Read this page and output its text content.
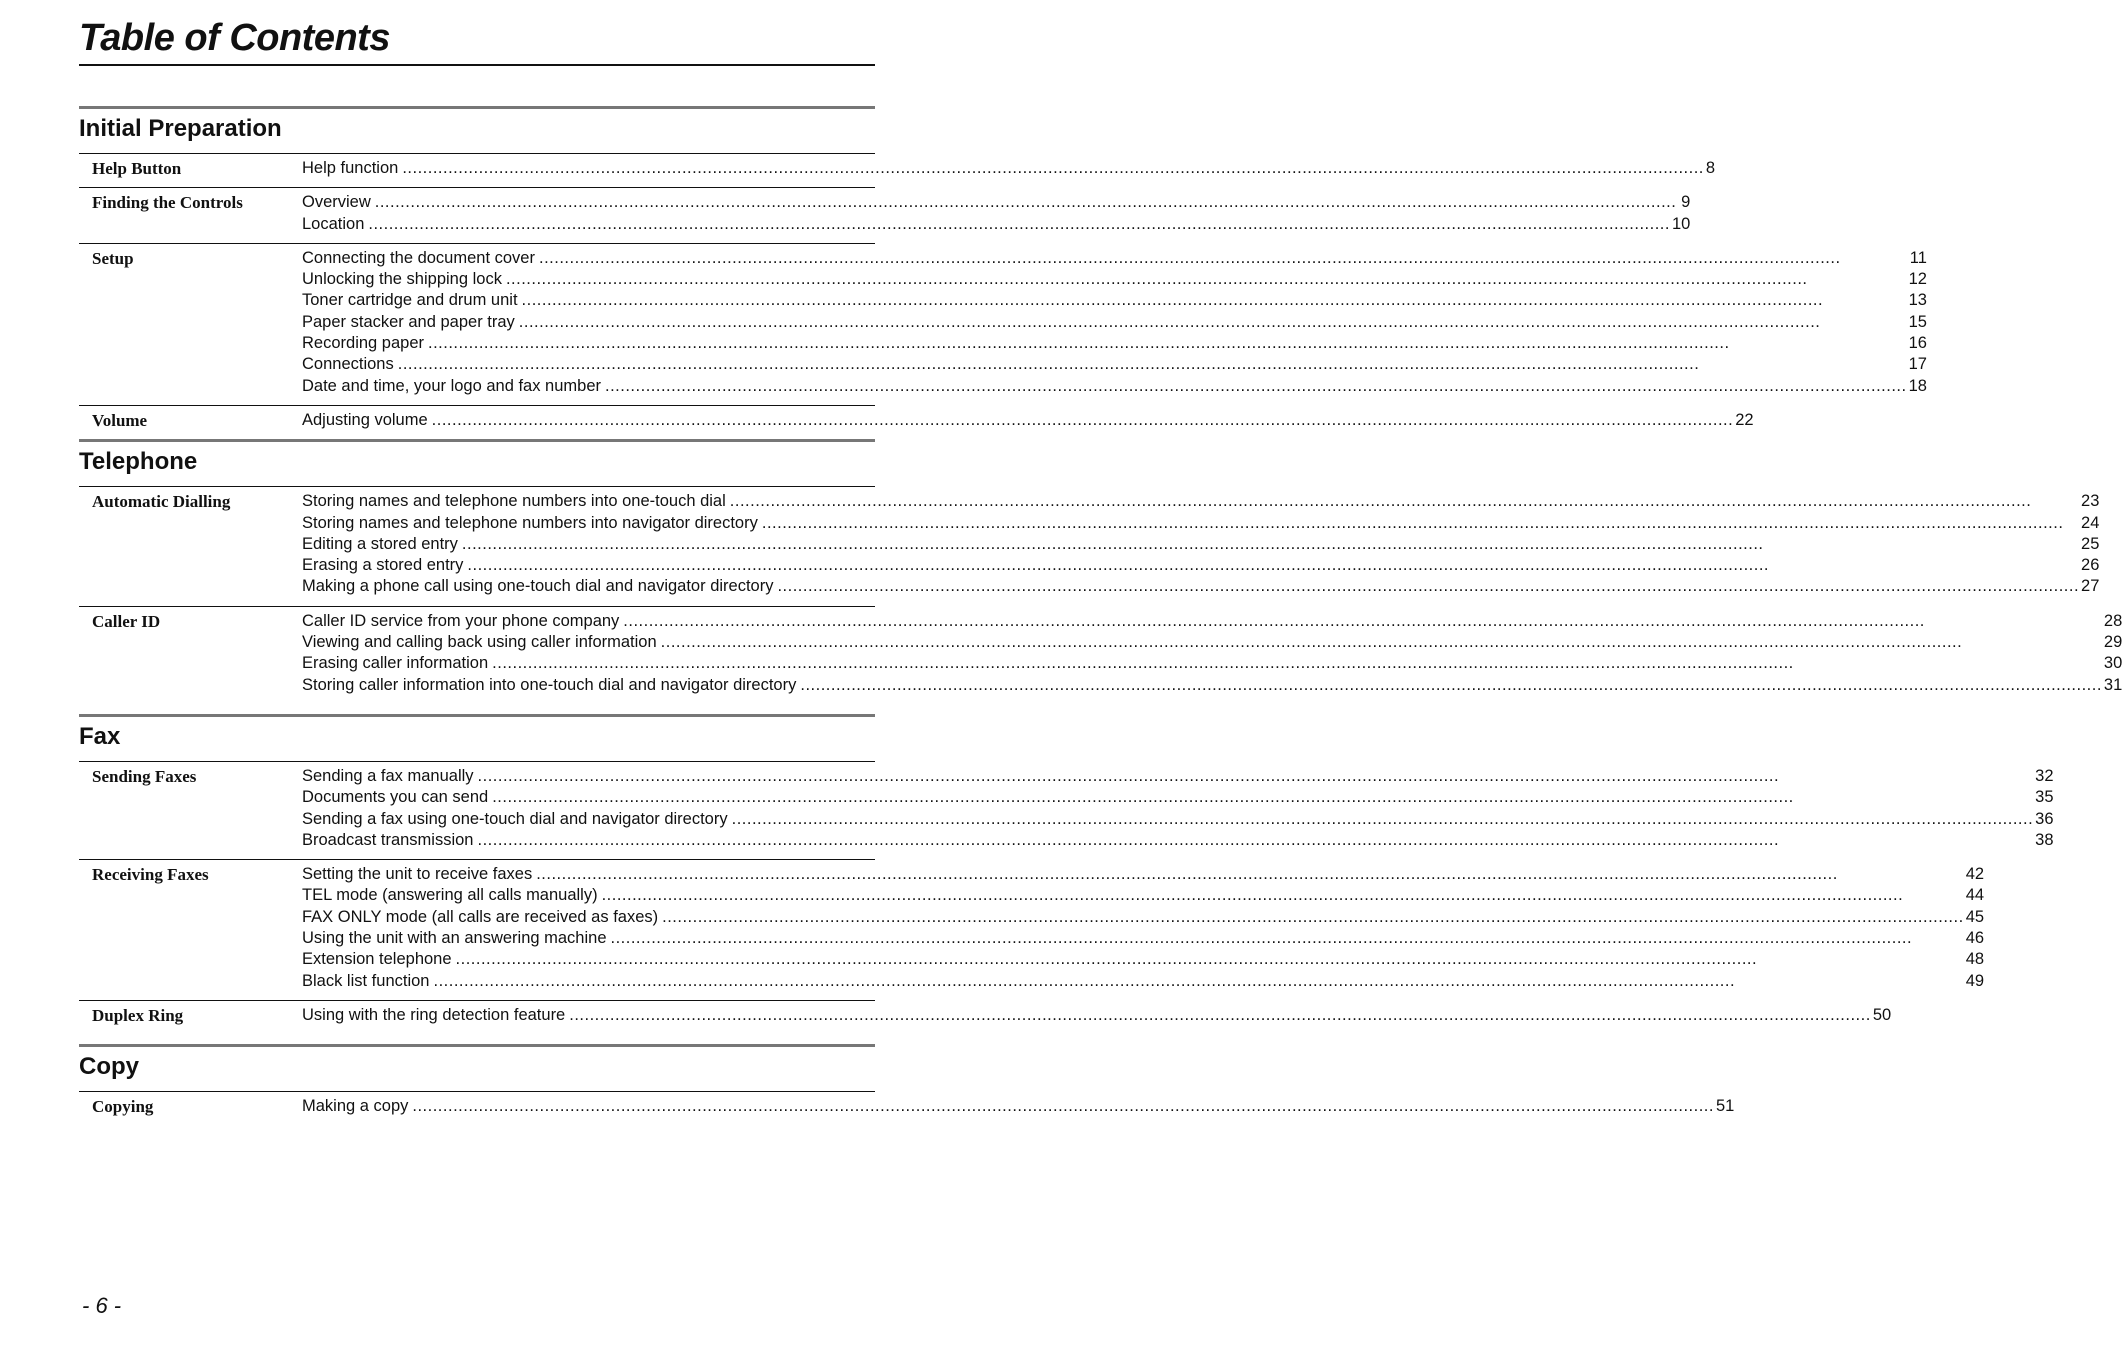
Table of Contents
Initial Preparation
Help Button	Help function .....	8
Finding the Controls	Overview .....	9
Location .....	10
Setup	Connecting the document cover .....	11
Unlocking the shipping lock .....	12
Toner cartridge and drum unit .....	13
Paper stacker and paper tray .....	15
Recording paper .....	16
Connections .....	17
Date and time, your logo and fax number .....	18
Volume	Adjusting volume .....	22
Telephone
Automatic Dialling	Storing names and telephone numbers into one-touch dial .....	23
Storing names and telephone numbers into navigator directory .....	24
Editing a stored entry .....	25
Erasing a stored entry .....	26
Making a phone call using one-touch dial and navigator directory .....	27
Caller ID	Caller ID service from your phone company .....	28
Viewing and calling back using caller information .....	29
Erasing caller information .....	30
Storing caller information into one-touch dial and navigator directory .....	31
Fax
Sending Faxes	Sending a fax manually .....	32
Documents you can send .....	35
Sending a fax using one-touch dial and navigator directory .....	36
Broadcast transmission .....	38
Receiving Faxes	Setting the unit to receive faxes .....	42
TEL mode (answering all calls manually) .....	44
FAX ONLY mode (all calls are received as faxes) .....	45
Using the unit with an answering machine .....	46
Extension telephone .....	48
Black list function .....	49
Duplex Ring	Using with the ring detection feature .....	50
Copy
Copying	Making a copy .....	51
- 6 -
